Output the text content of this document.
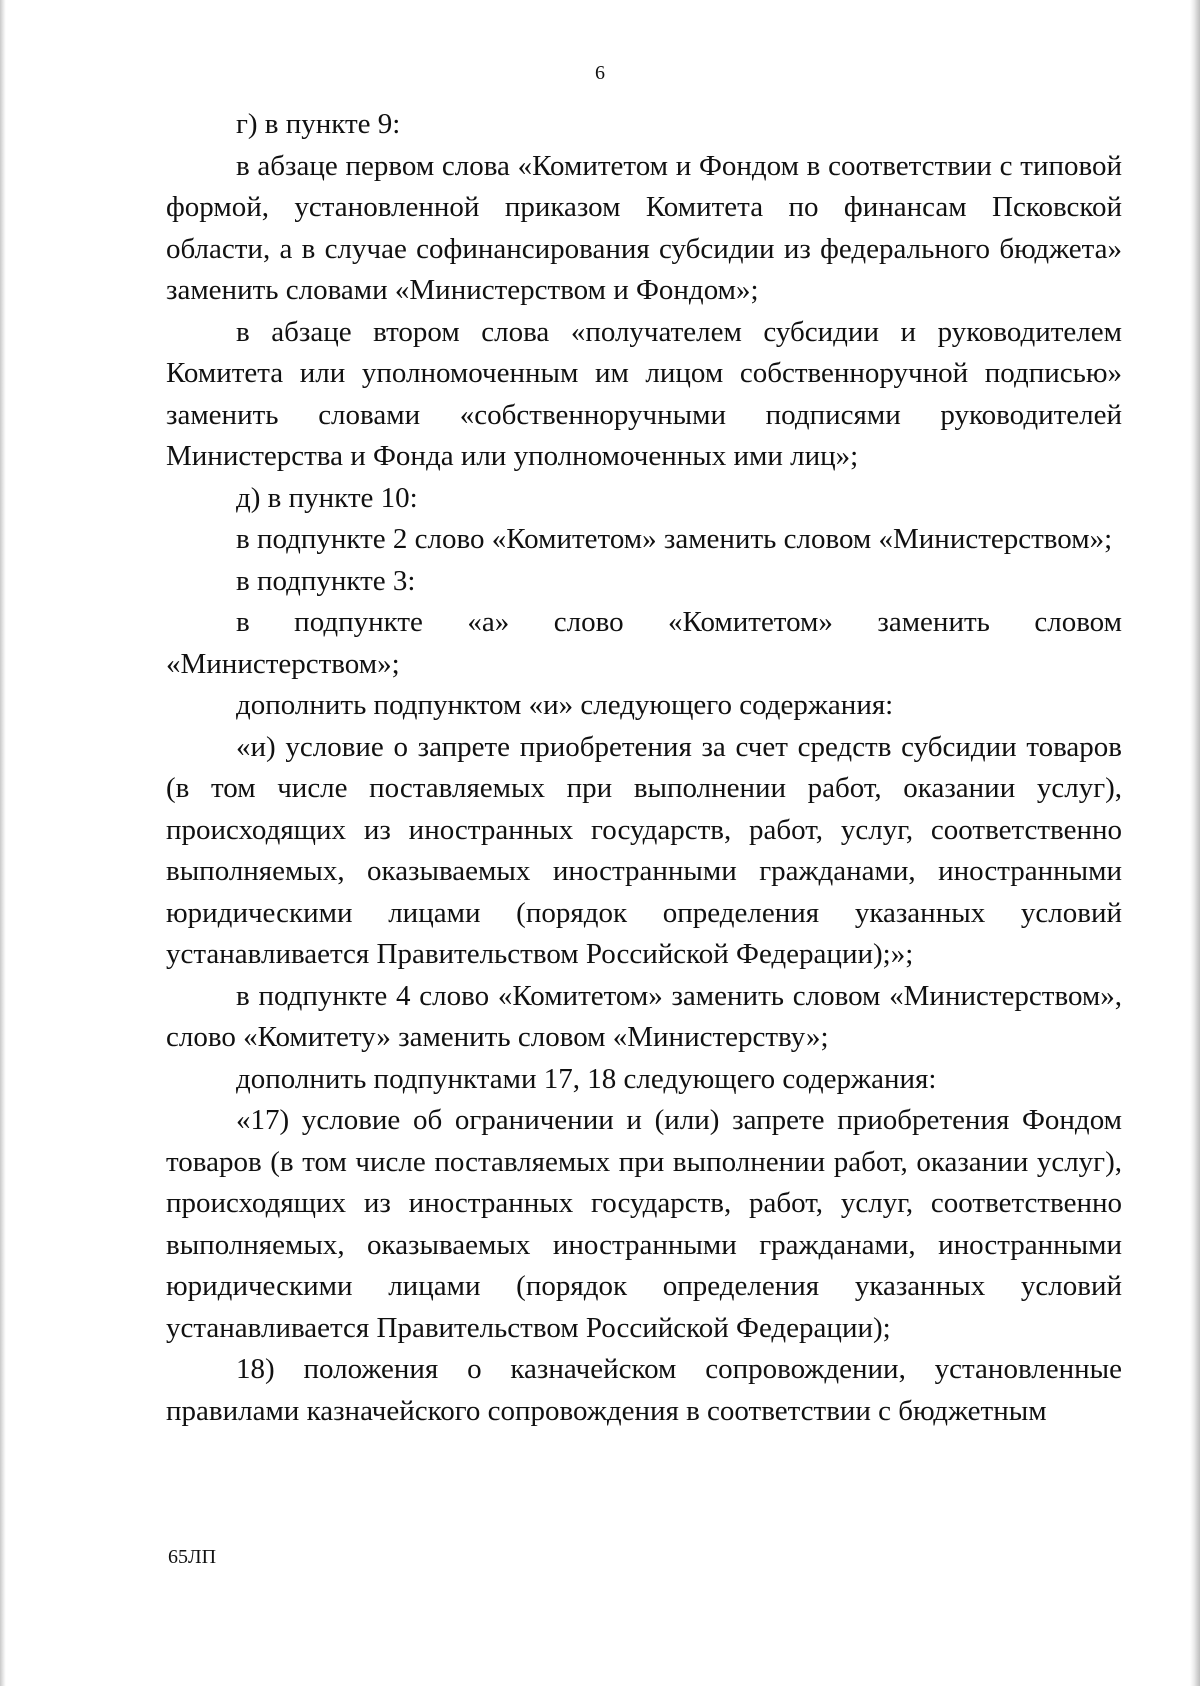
6

г) в пункте 9:

в абзаце первом слова «Комитетом и Фондом в соответствии с типовой формой, установленной приказом Комитета по финансам Псковской области, а в случае софинансирования субсидии из федерального бюджета» заменить словами «Министерством и Фондом»;

в абзаце втором слова «получателем субсидии и руководителем Комитета или уполномоченным им лицом собственноручной подписью» заменить словами «собственноручными подписями руководителей Министерства и Фонда или уполномоченных ими лиц»;

д) в пункте 10:

в подпункте 2 слово «Комитетом» заменить словом «Министерством»;

в подпункте 3:

в подпункте «а» слово «Комитетом» заменить словом «Министерством»;

дополнить подпунктом «и» следующего содержания:

«и) условие о запрете приобретения за счет средств субсидии товаров (в том числе поставляемых при выполнении работ, оказании услуг), происходящих из иностранных государств, работ, услуг, соответственно выполняемых, оказываемых иностранными гражданами, иностранными юридическими лицами (порядок определения указанных условий устанавливается Правительством Российской Федерации);»;

в подпункте 4 слово «Комитетом» заменить словом «Министерством», слово «Комитету» заменить словом «Министерству»;

дополнить подпунктами 17, 18 следующего содержания:

«17) условие об ограничении и (или) запрете приобретения Фондом товаров (в том числе поставляемых при выполнении работ, оказании услуг), происходящих из иностранных государств, работ, услуг, соответственно выполняемых, оказываемых иностранными гражданами, иностранными юридическими лицами (порядок определения указанных условий устанавливается Правительством Российской Федерации);

18) положения о казначейском сопровождении, установленные правилами казначейского сопровождения в соответствии с бюджетным

65ЛП
